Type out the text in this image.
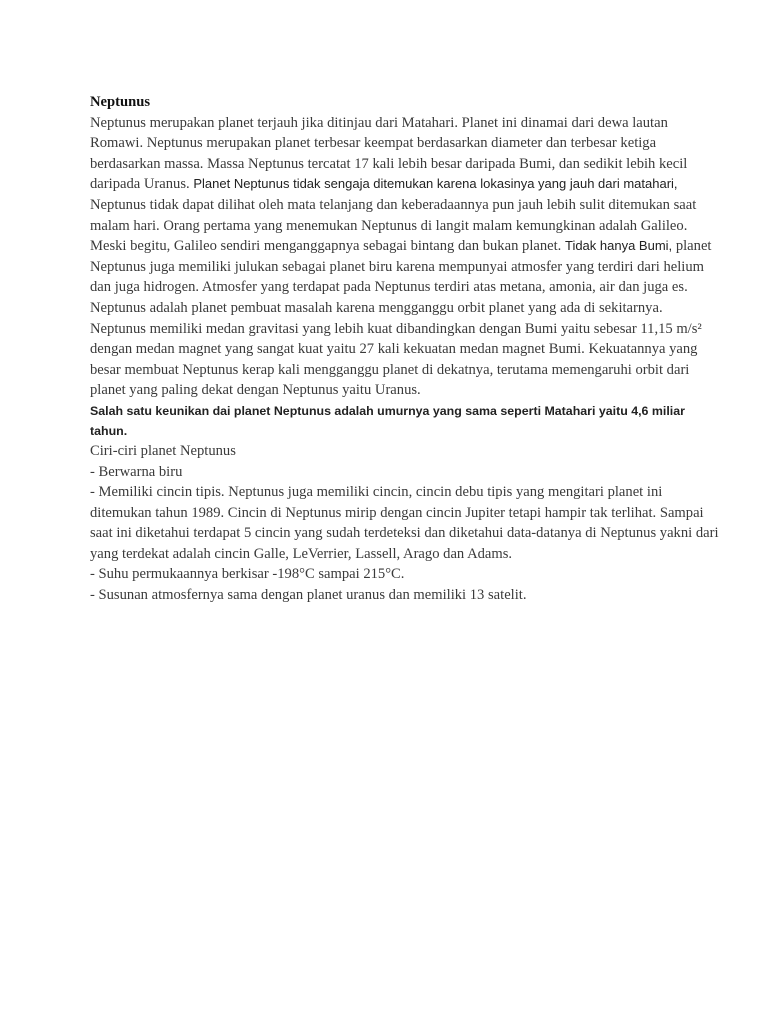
Neptunus

Neptunus merupakan planet terjauh jika ditinjau dari Matahari. Planet ini dinamai dari dewa lautan Romawi. Neptunus merupakan planet terbesar keempat berdasarkan diameter dan terbesar ketiga berdasarkan massa. Massa Neptunus tercatat 17 kali lebih besar daripada Bumi, dan sedikit lebih kecil daripada Uranus. Planet Neptunus tidak sengaja ditemukan karena lokasinya yang jauh dari matahari, Neptunus tidak dapat dilihat oleh mata telanjang dan keberadaannya pun jauh lebih sulit ditemukan saat malam hari. Orang pertama yang menemukan Neptunus di langit malam kemungkinan adalah Galileo. Meski begitu, Galileo sendiri menganggapnya sebagai bintang dan bukan planet. Tidak hanya Bumi, planet Neptunus juga memiliki julukan sebagai planet biru karena mempunyai atmosfer yang terdiri dari helium dan juga hidrogen. Atmosfer yang terdapat pada Neptunus terdiri atas metana, amonia, air dan juga es.

Neptunus adalah planet pembuat masalah karena mengganggu orbit planet yang ada di sekitarnya. Neptunus memiliki medan gravitasi yang lebih kuat dibandingkan dengan Bumi yaitu sebesar 11,15 m/s² dengan medan magnet yang sangat kuat yaitu 27 kali kekuatan medan magnet Bumi. Kekuatannya yang besar membuat Neptunus kerap kali mengganggu planet di dekatnya, terutama memengaruhi orbit dari planet yang paling dekat dengan Neptunus yaitu Uranus.

Salah satu keunikan dai planet Neptunus adalah umurnya yang sama seperti Matahari yaitu 4,6 miliar tahun.

Ciri-ciri planet Neptunus

- Berwarna biru

- Memiliki cincin tipis. Neptunus juga memiliki cincin, cincin debu tipis yang mengitari planet ini ditemukan tahun 1989. Cincin di Neptunus mirip dengan cincin Jupiter tetapi hampir tak terlihat. Sampai saat ini diketahui terdapat 5 cincin yang sudah terdeteksi dan diketahui data-datanya di Neptunus yakni dari yang terdekat adalah cincin Galle, LeVerrier, Lassell, Arago dan Adams.

- Suhu permukaannya berkisar -198°C sampai 215°C.

- Susunan atmosfernya sama dengan planet uranus dan memiliki 13 satelit.
